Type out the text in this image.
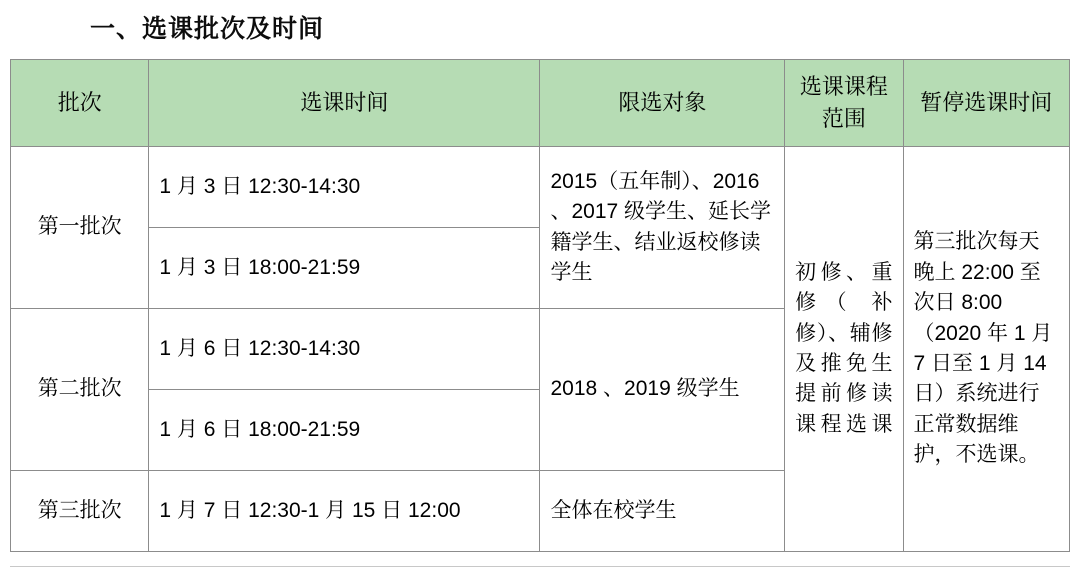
一、选课批次及时间
批次	选课时间	限选对象	选课课程范围	暂停选课时间
第一批次	1 月 3 日 12:30-14:30	2015（五年制）、2016 、2017 级学生、延长学籍学生、结业返校修读学生	初修、重 修（ 补修）、辅修及推免生提前修读课程选课	第三批次每天晚上 22:00 至次日 8:00（2020 年 1 月 7 日至 1 月 14 日）系统进行正常数据维护，不选课。
	1 月 3 日 18:00-21:59			
第二批次	1 月 6 日 12:30-14:30	2018 、2019 级学生		
	1 月 6 日 18:00-21:59			
第三批次	1 月 7 日 12:30-1 月 15 日 12:00	全体在校学生		
